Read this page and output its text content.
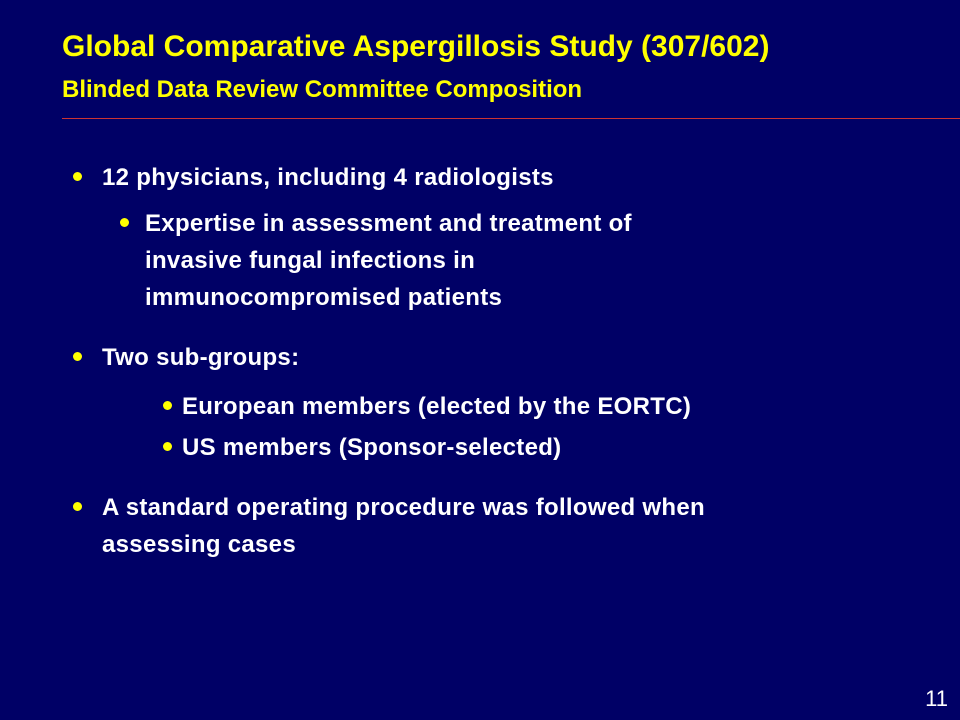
Global Comparative Aspergillosis Study (307/602)
Blinded Data Review Committee Composition
12 physicians, including 4 radiologists
Expertise in assessment and treatment of
invasive fungal infections in
immunocompromised patients
Two sub-groups:
European members (elected by the EORTC)
US members (Sponsor-selected)
A standard operating procedure was followed when
assessing cases
11
